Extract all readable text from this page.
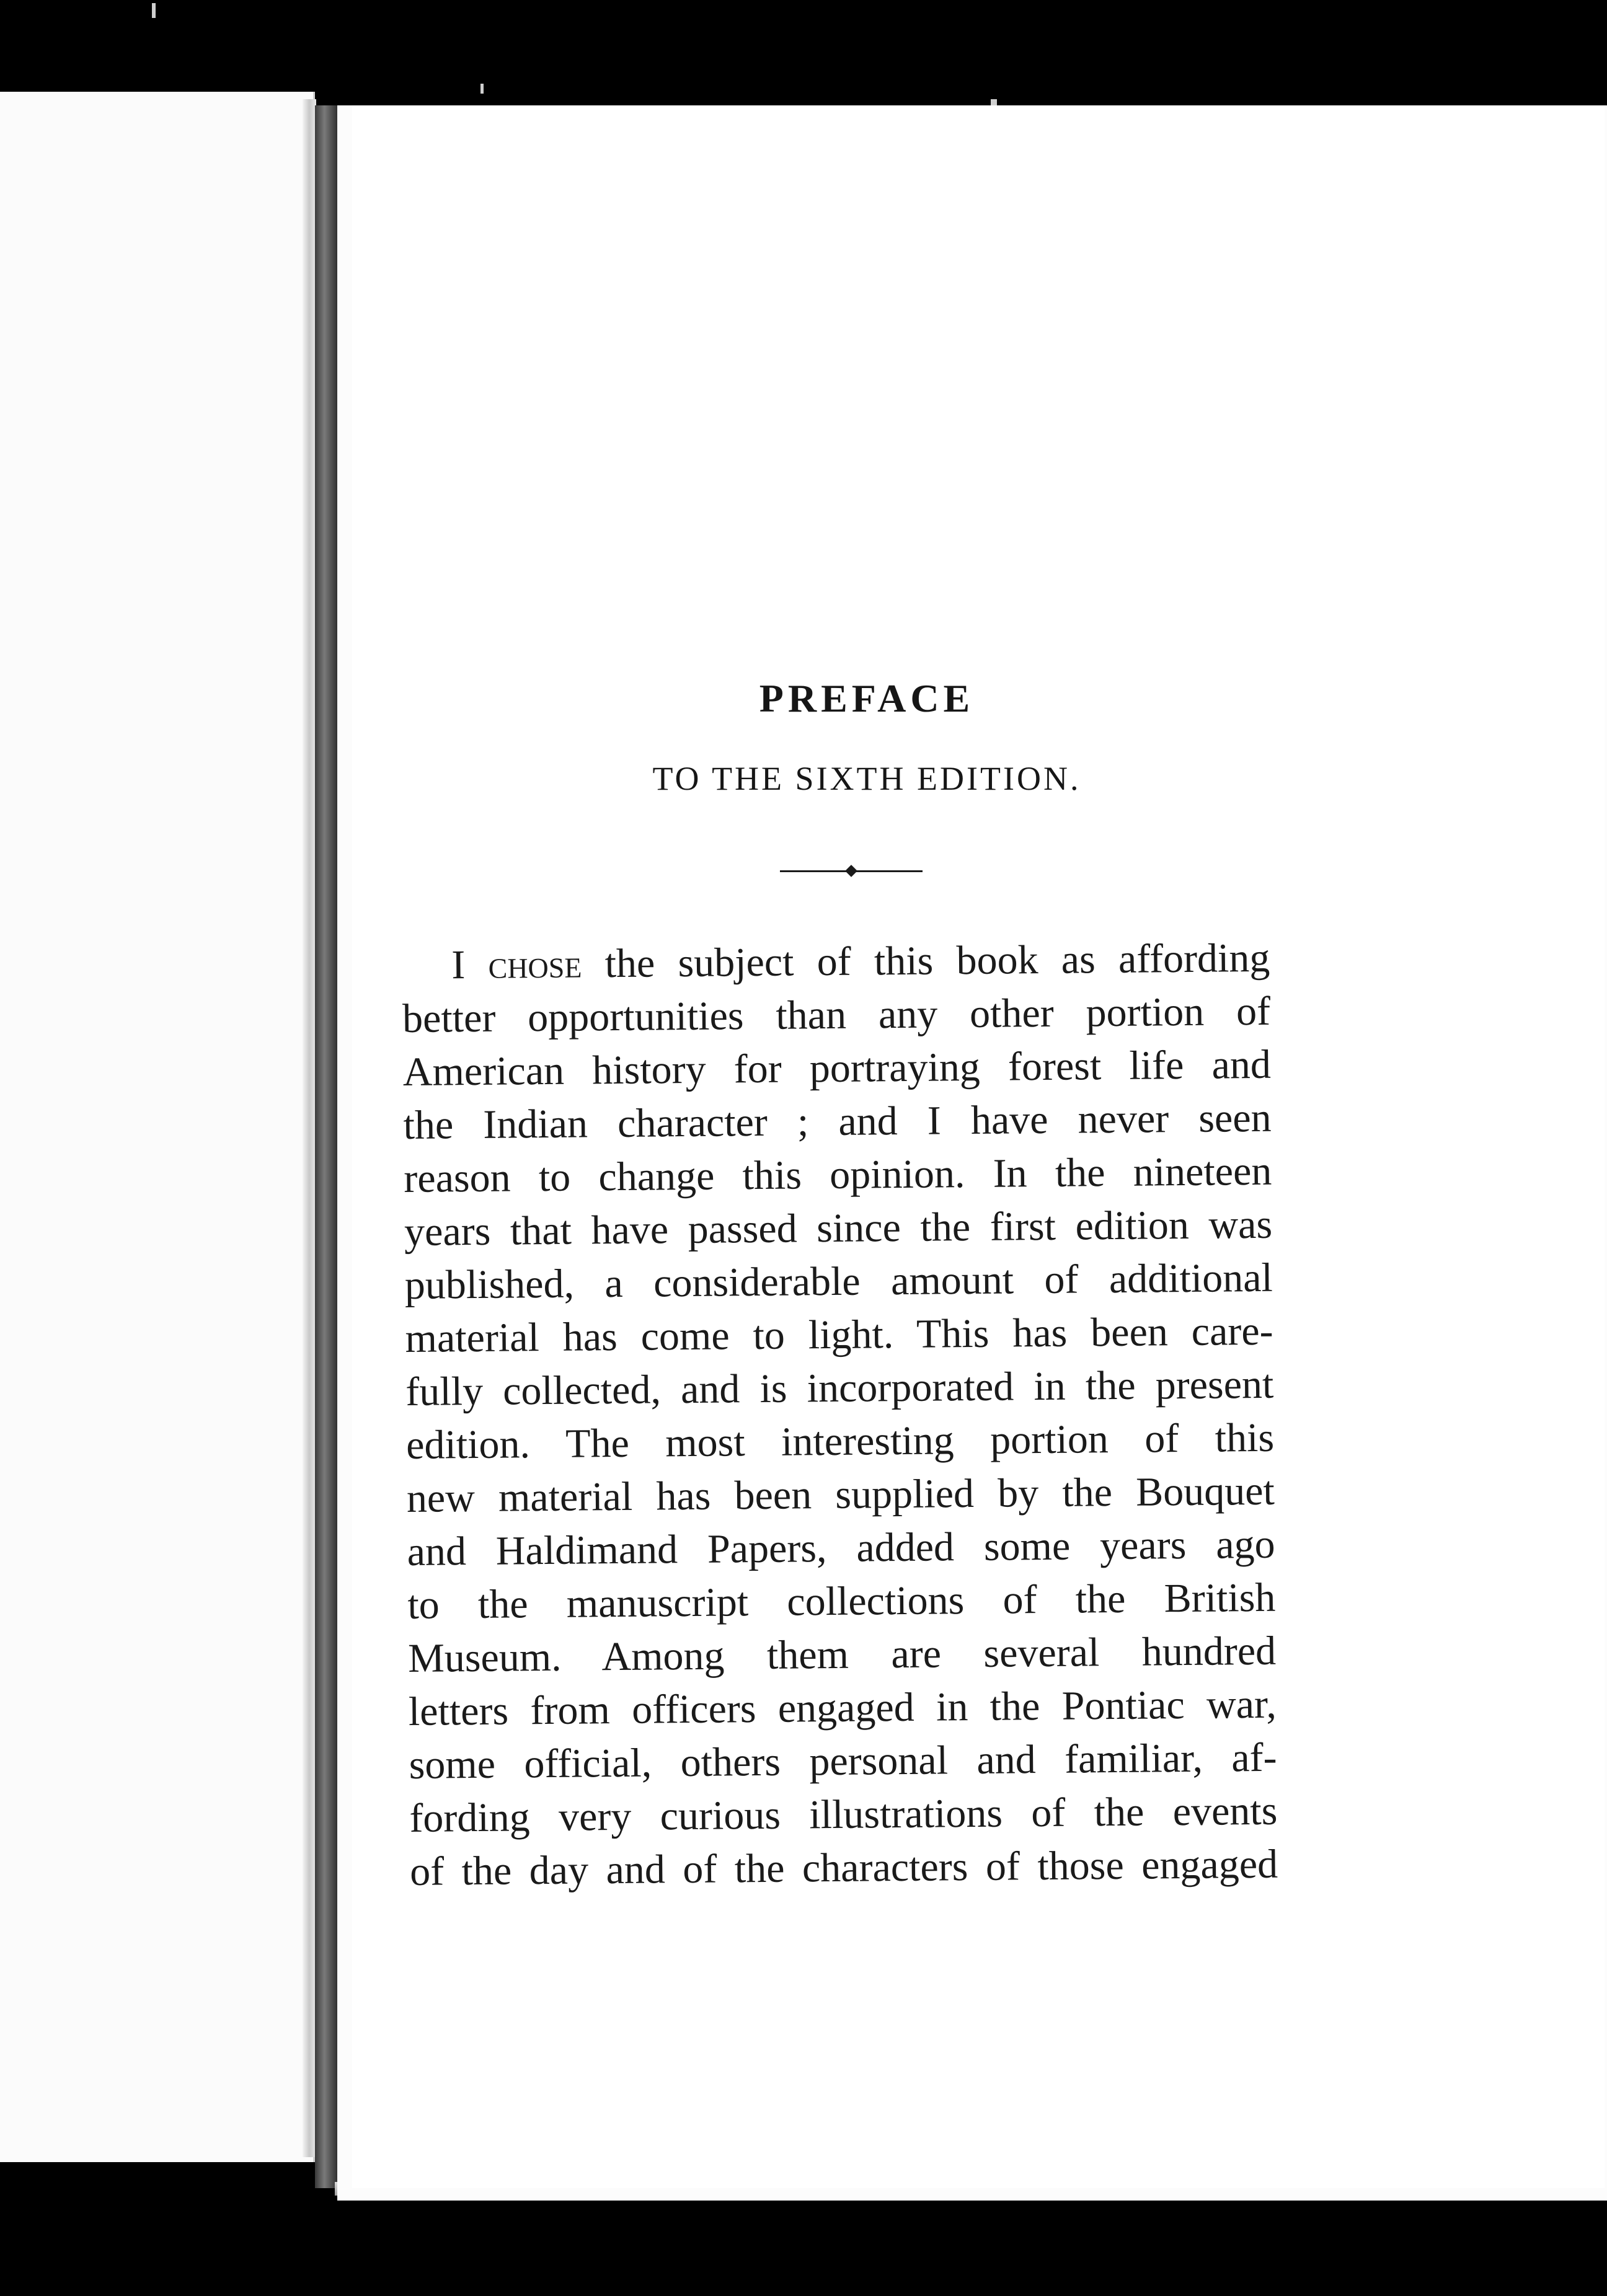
PREFACE
TO THE SIXTH EDITION.
I chose the subject of this book as affording
better opportunities than any other portion of
American history for portraying forest life and
the Indian character ; and I have never seen
reason to change this opinion. In the nineteen
years that have passed since the first edition was
published, a considerable amount of additional
material has come to light. This has been care-
fully collected, and is incorporated in the present
edition. The most interesting portion of this
new material has been supplied by the Bouquet
and Haldimand Papers, added some years ago
to the manuscript collections of the British
Museum. Among them are several hundred
letters from officers engaged in the Pontiac war,
some official, others personal and familiar, af-
fording very curious illustrations of the events
of the day and of the characters of those engaged
